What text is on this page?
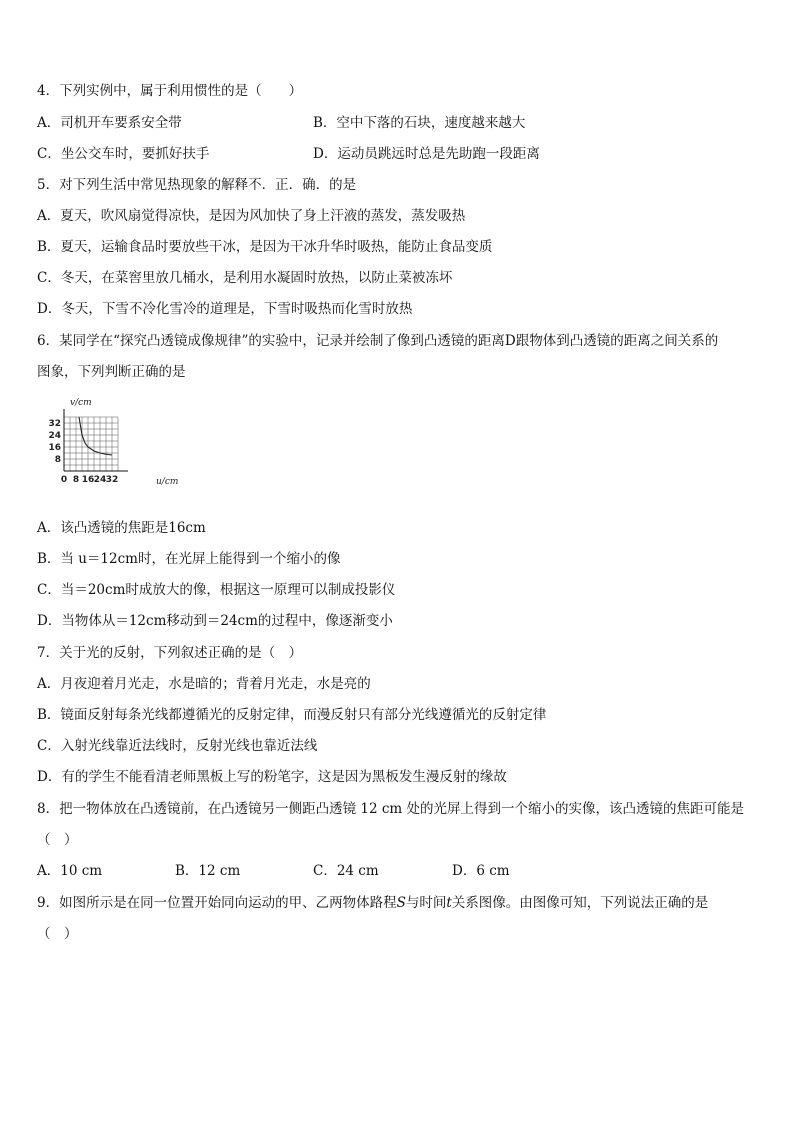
4．下列实例中，属于利用惯性的是（　　）
A．司机开车要系安全带	B．空中下落的石块，速度越来越大
C．坐公交车时，要抓好扶手	D．运动员跳远时总是先助跑一段距离
5．对下列生活中常见热现象的解释不．正．确．的是
A．夏天，吹风扇觉得凉快，是因为风加快了身上汗液的蒸发，蒸发吸热
B．夏天，运输食品时要放些干冰，是因为干冰升华时吸热，能防止食品变质
C．冬天，在菜窖里放几桶水，是利用水凝固时放热，以防止菜被冻坏
D．冬天，下雪不冷化雪冷的道理是，下雪时吸热而化雪时放热
6．某同学在“探究凸透镜成像规律”的实验中，记录并绘制了像到凸透镜的距离D跟物体到凸透镜的距离之间关系的
图象，下列判断正确的是
0 8 16 24 32
8
16
24
32
v/cm
u/cm
A．该凸透镜的焦距是16cm
B．当 u＝12cm时，在光屏上能得到一个缩小的像
C．当＝20cm时成放大的像，根据这一原理可以制成投影仪
D．当物体从＝12cm移动到＝24cm的过程中，像逐渐变小
7．关于光的反射，下列叙述正确的是（　）
A．月夜迎着月光走，水是暗的；背着月光走，水是亮的
B．镜面反射每条光线都遵循光的反射定律，而漫反射只有部分光线遵循光的反射定律
C．入射光线靠近法线时，反射光线也靠近法线
D．有的学生不能看清老师黑板上写的粉笔字，这是因为黑板发生漫反射的缘故
8．把一物体放在凸透镜前，在凸透镜另一侧距凸透镜 12 cm 处的光屏上得到一个缩小的实像，该凸透镜的焦距可能是
（　）
A．10 cm	B．12 cm	C．24 cm	D．6 cm
9．如图所示是在同一位置开始同向运动的甲、乙两物体路程S与时间t关系图像。由图像可知，下列说法正确的是
（　）
